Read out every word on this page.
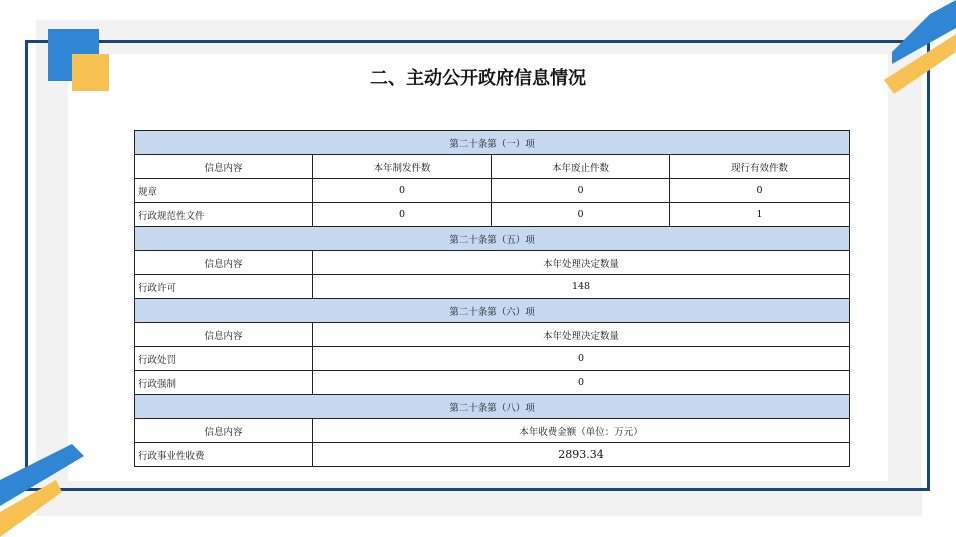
二、主动公开政府信息情况
第二十条第（一）项			
信息内容	本年制发件数	本年废止件数	现行有效件数
规章	0	0	0
行政规范性文件	0	0	1
第二十条第（五）项			
信息内容	本年处理决定数量		
行政许可	148		
第二十条第（六）项			
信息内容	本年处理决定数量		
行政处罚	0		
行政强制	0		
第二十条第（八）项			
信息内容	本年收费金额（单位：万元）		
行政事业性收费	2893.34		
